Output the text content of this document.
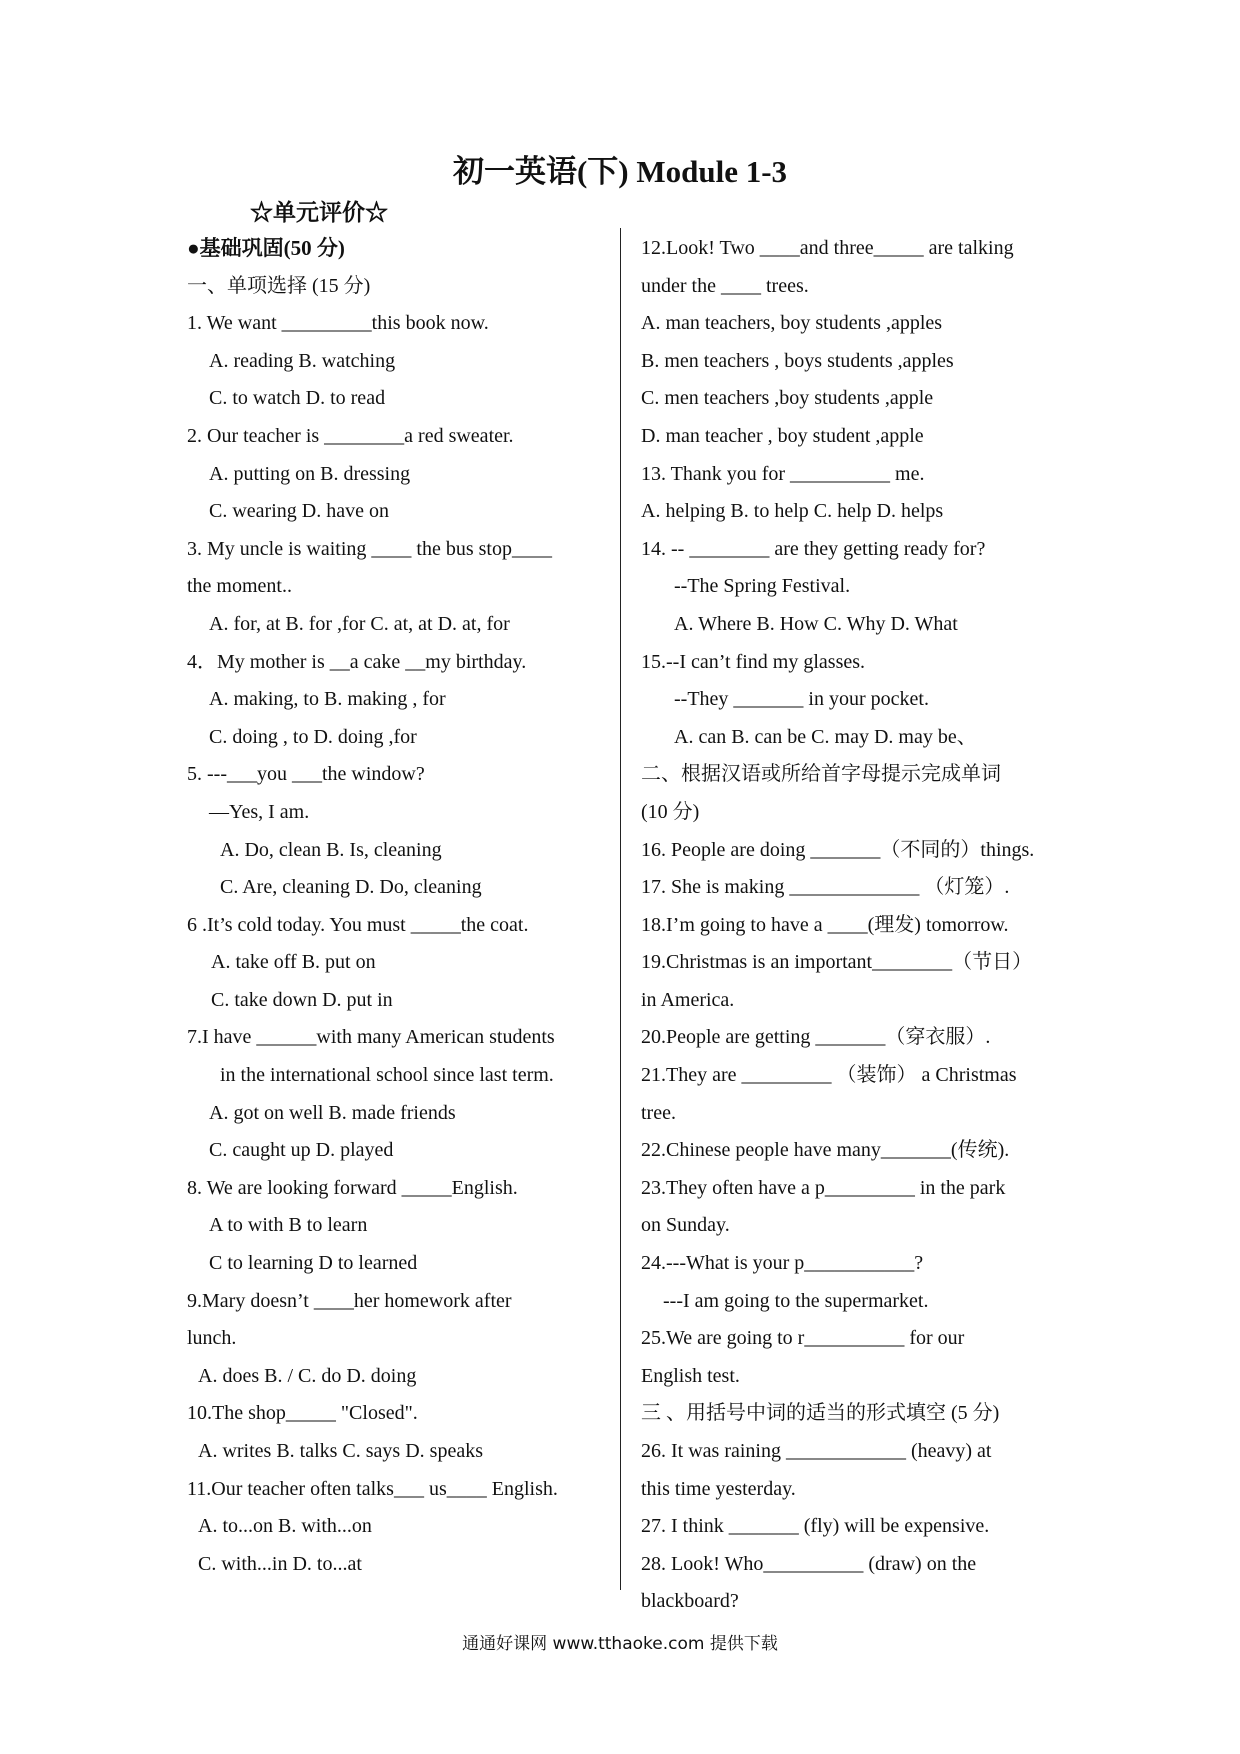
初一英语(下) Module 1-3
☆单元评价☆
●基础巩固(50 分)
一、单项选择 (15 分)
1. We want _________this book now.
A. reading B. watching
C. to watch D. to read
2. Our teacher is ________a red sweater.
A. putting on B. dressing
C. wearing D. have on
3. My uncle is waiting ____ the bus stop____
the moment..
A. for, at B. for ,for C. at, at D. at, for
4．My mother is __a cake __my birthday.
A. making, to B. making , for
C. doing , to D. doing ,for
5. ---___you ___the window?
—Yes, I am.
A. Do, clean B. Is, cleaning
C. Are, cleaning D. Do, cleaning
6 .It’s cold today. You must _____the coat.
A. take off B. put on
C. take down D. put in
7.I have ______with many American students
in the international school since last term.
A. got on well B. made friends
C. caught up D. played
8. We are looking forward _____English.
A to with B to learn
C to learning D to learned
9.Mary doesn’t ____her homework after
lunch.
A. does B. / C. do D. doing
10.The shop_____ "Closed".
A. writes B. talks C. says D. speaks
11.Our teacher often talks___ us____ English.
A. to...on B. with...on
C. with...in D. to...at
12.Look! Two ____and three_____ are talking
under the ____ trees.
A. man teachers, boy students ,apples
B. men teachers , boys students ,apples
C. men teachers ,boy students ,apple
D. man teacher , boy student ,apple
13. Thank you for __________ me.
A. helping B. to help C. help D. helps
14. -- ________ are they getting ready for?
--The Spring Festival.
A. Where B. How C. Why D. What
15.--I can’t find my glasses.
--They _______ in your pocket.
A. can B. can be C. may D. may be、
二、根据汉语或所给首字母提示完成单词
(10 分)
16. People are doing _______（不同的）things.
17. She is making _____________ （灯笼）.
18.I’m going to have a ____(理发) tomorrow.
19.Christmas is an important________（节日）
in America.
20.People are getting _______（穿衣服）.
21.They are _________ （装饰） a Christmas
tree.
22.Chinese people have many_______(传统).
23.They often have a p_________ in the park
on Sunday.
24.---What is your p___________?
---I am going to the supermarket.
25.We are going to r__________ for our
English test.
三 、用括号中词的适当的形式填空 (5 分)
26. It was raining ____________ (heavy) at
this time yesterday.
27. I think _______ (fly) will be expensive.
28. Look! Who__________ (draw) on the
blackboard?
通通好课网 www.tthaoke.com 提供下载
